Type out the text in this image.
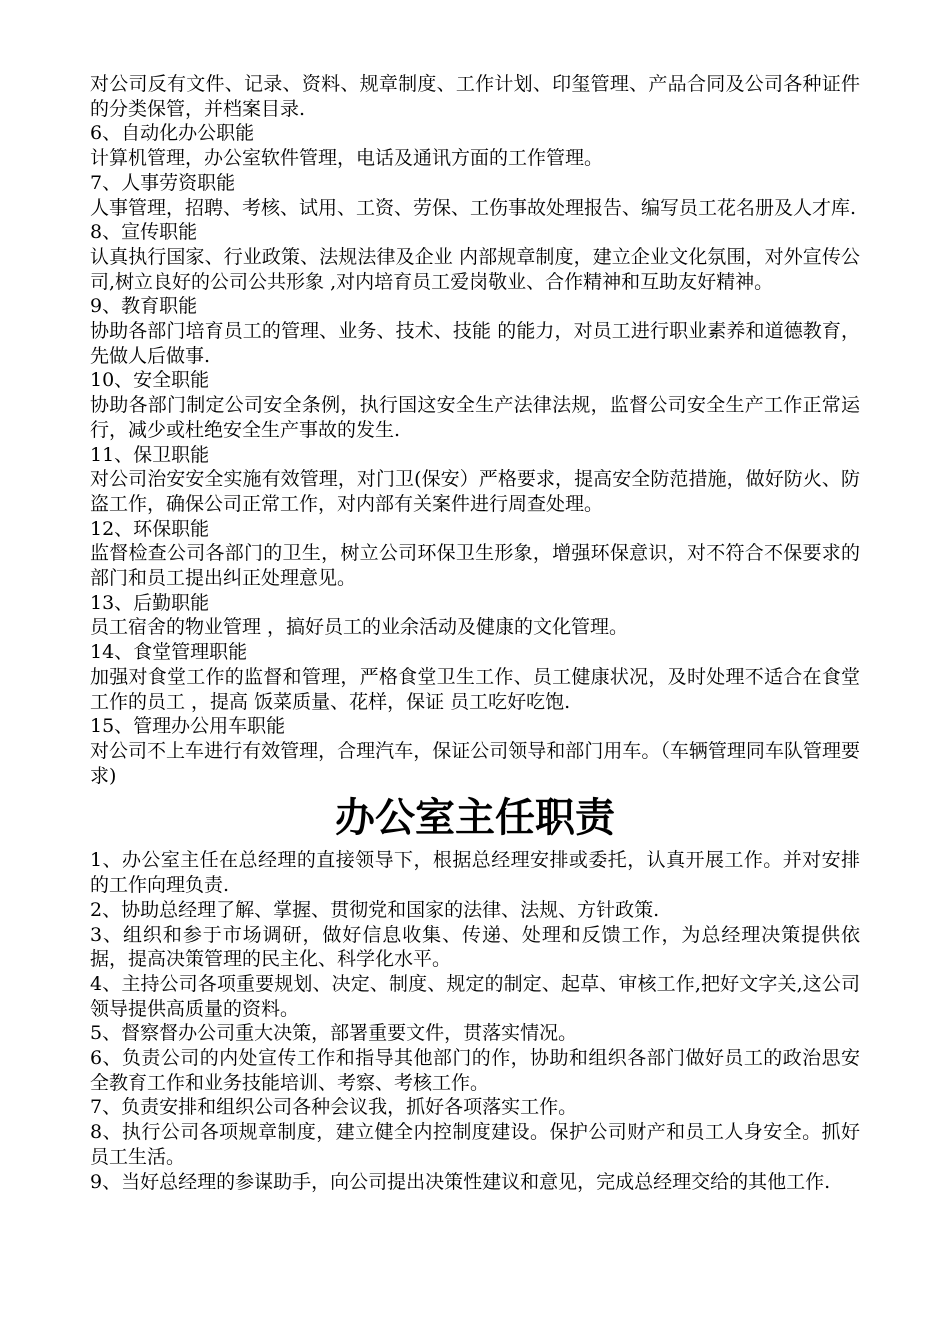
对公司反有文件、记录、资料、规章制度、工作计划、印玺管理、产品合同及公司各种证件的分类保管，并档案目录.

6、自动化办公职能

计算机管理，办公室软件管理，电话及通讯方面的工作管理。

7、人事劳资职能

人事管理，招聘、考核、试用、工资、劳保、工伤事故处理报告、编写员工花名册及人才库.

8、宣传职能

认真执行国家、行业政策、法规法律及企业 内部规章制度，建立企业文化氛围，对外宣传公司,树立良好的公司公共形象 ,对内培育员工爱岗敬业、合作精神和互助友好精神。

9、教育职能

协助各部门培育员工的管理、业务、技术、技能 的能力，对员工进行职业素养和道德教育，先做人后做事.

10、安全职能

协助各部门制定公司安全条例，执行国这安全生产法律法规，监督公司安全生产工作正常运行，减少或杜绝安全生产事故的发生.

11、保卫职能

对公司治安安全实施有效管理，对门卫(保安）严格要求，提高安全防范措施，做好防火、防盗工作，确保公司正常工作，对内部有关案件进行周查处理。

12、环保职能

监督检查公司各部门的卫生，树立公司环保卫生形象，增强环保意识，对不符合不保要求的部门和员工提出纠正处理意见。

13、后勤职能

员工宿舍的物业管理 ，搞好员工的业余活动及健康的文化管理。

14、食堂管理职能

加强对食堂工作的监督和管理，严格食堂卫生工作、员工健康状况，及时处理不适合在食堂工作的员工 ，提高 饭菜质量、花样，保证 员工吃好吃饱.

15、管理办公用车职能

对公司不上车进行有效管理，合理汽车，保证公司领导和部门用车。（车辆管理同车队管理要求)

办公室主任职责

1、办公室主任在总经理的直接领导下，根据总经理安排或委托，认真开展工作。并对安排的工作向理负责.

2、协助总经理了解、掌握、贯彻党和国家的法律、法规、方针政策.

3、组织和参于市场调研，做好信息收集、传递、处理和反馈工作，为总经理决策提供依据，提高决策管理的民主化、科学化水平。

4、主持公司各项重要规划、决定、制度、规定的制定、起草、审核工作,把好文字关,这公司领导提供高质量的资料。

5、督察督办公司重大决策，部署重要文件，贯落实情况。

6、负责公司的内处宣传工作和指导其他部门的作，协助和组织各部门做好员工的政治思安全教育工作和业务技能培训、考察、考核工作。

7、负责安排和组织公司各种会议我，抓好各项落实工作。

8、执行公司各项规章制度，建立健全内控制度建设。保护公司财产和员工人身安全。抓好员工生活。

9、当好总经理的参谋助手，向公司提出决策性建议和意见，完成总经理交给的其他工作.
